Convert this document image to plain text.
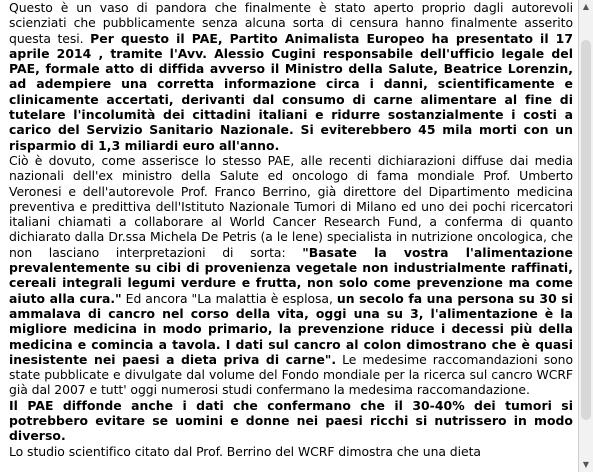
Questo è un vaso di pandora che finalmente è stato aperto proprio dagli autorevoli scienziati che pubblicamente senza alcuna sorta di censura hanno finalmente asserito questa tesi. Per questo il PAE, Partito Animalista Europeo ha presentato il 17 aprile 2014 , tramite l'Avv. Alessio Cugini responsabile dell'ufficio legale del PAE, formale atto di diffida avverso il Ministro della Salute, Beatrice Lorenzin, ad adempiere una corretta informazione circa i danni, scientificamente e clinicamente accertati, derivanti dal consumo di carne alimentare al fine di tutelare l'incolumità dei cittadini italiani e ridurre sostanzialmente i costi a carico del Servizio Sanitario Nazionale. Si eviterebbero 45 mila morti con un risparmio di 1,3 miliardi euro all'anno.

Ciò è dovuto, come asserisce lo stesso PAE, alle recenti dichiarazioni diffuse dai media nazionali dell'ex ministro della Salute ed oncologo di fama mondiale Prof. Umberto Veronesi e dell'autorevole Prof. Franco Berrino, già direttore del Dipartimento medicina preventiva e predittiva dell'Istituto Nazionale Tumori di Milano ed uno dei pochi ricercatori italiani chiamati a collaborare al World Cancer Research Fund, a conferma di quanto dichiarato dalla Dr.ssa Michela De Petris (a le lene) specialista in nutrizione oncologica, che non lasciano interpretazioni di sorta: "Basate la vostra l'alimentazione prevalentemente su cibi di provenienza vegetale non industrialmente raffinati, cereali integrali legumi verdure e frutta, non solo come prevenzione ma come aiuto alla cura." Ed ancora "La malattia è esplosa, un secolo fa una persona su 30 si ammalava di cancro nel corso della vita, oggi una su 3, l'alimentazione è la migliore medicina in modo primario, la prevenzione riduce i decessi più della medicina e comincia a tavola. I dati sul cancro al colon dimostrano che è quasi inesistente nei paesi a dieta priva di carne". Le medesime raccomandazioni sono state pubblicate e divulgate dal volume del Fondo mondiale per la ricerca sul cancro WCRF già dal 2007 e tutt' oggi numerosi studi confermano la medesima raccomandazione.

Il PAE diffonde anche i dati che confermano che il 30-40% dei tumori si potrebbero evitare se uomini e donne nei paesi ricchi si nutrissero in modo diverso.

Lo studio scientifico citato dal Prof. Berrino del WCRF dimostra che una dieta

▲
▼
